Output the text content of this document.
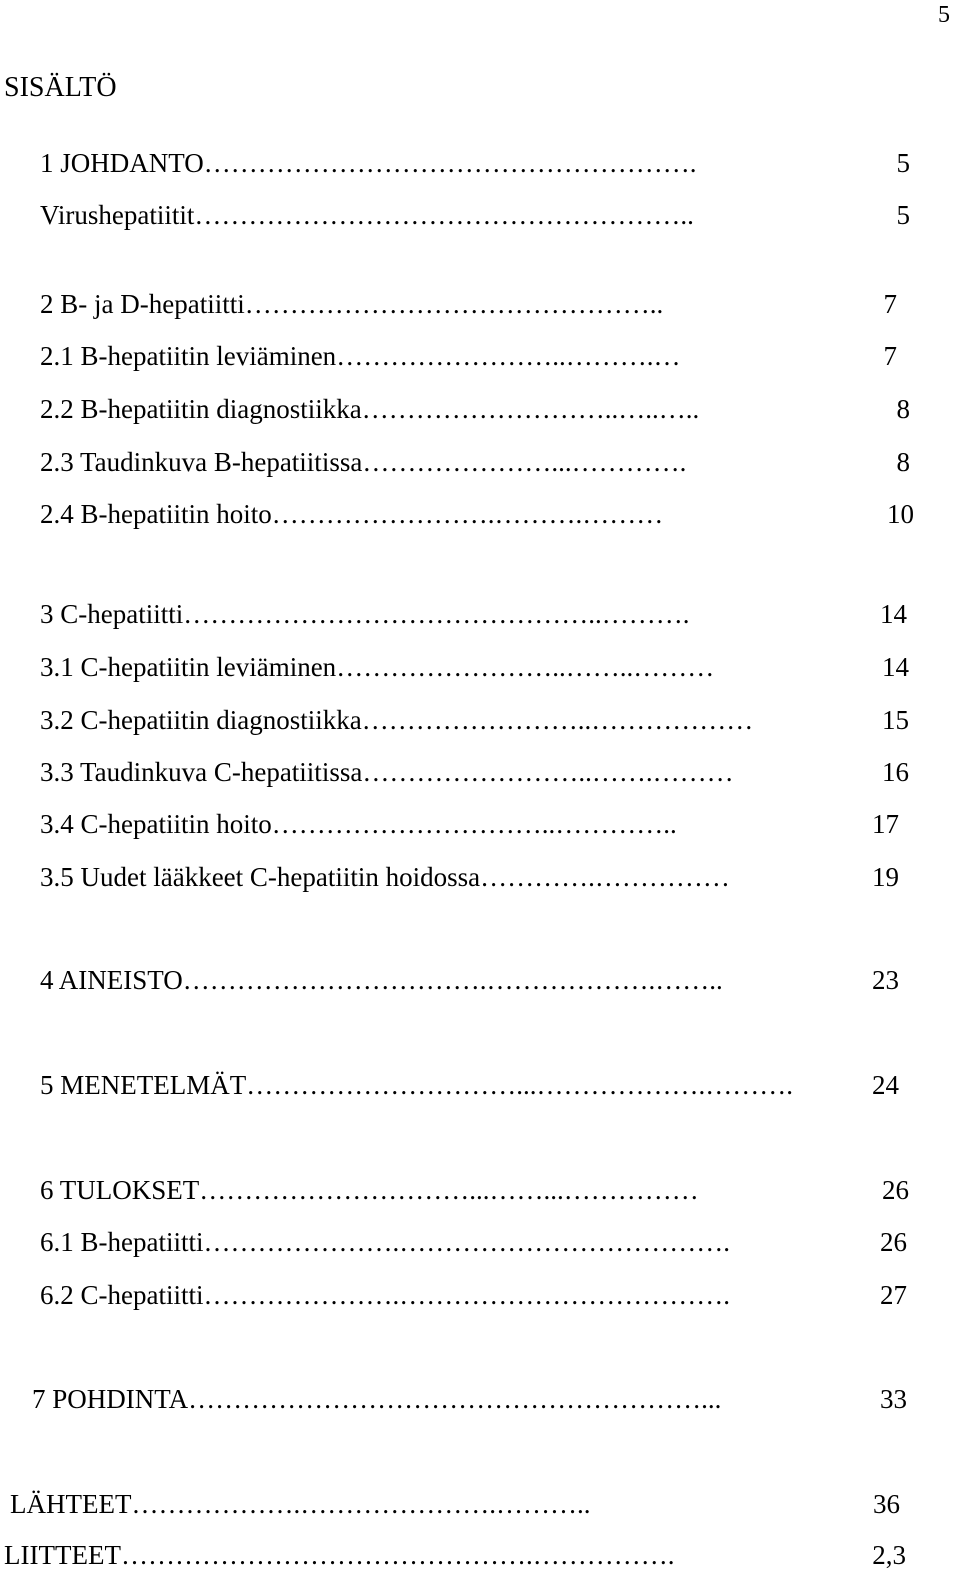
5
SISÄLTÖ
1 JOHDANTO……………………………………………….	5
Virushepatiitit………………………………………………..	5
2 B- ja D-hepatiitti………………………………………..	7
2.1 B-hepatiitin leviäminen……………………..……….…	7
2.2 B-hepatiitin diagnostiikka………………………..…..…..	8
2.3 Taudinkuva B-hepatiitissa…………………...………….	8
2.4 B-hepatiitin hoito…………………….……….………	10
3 C-hepatiitti………………………………………..……….	14
3.1 C-hepatiitin leviäminen……………………..……..………	14
3.2 C-hepatiitin diagnostiikka……………………..………………	15
3.3 Taudinkuva C-hepatiitissa……………………..…….………	16
3.4 C-hepatiitin hoito…………………………..…………..	17
3.5 Uudet lääkkeet C-hepatiitin hoidossa………….……………	19
4 AINEISTO…………………………….……………….……..	23
5 MENETELMÄT…………………………...……………….……….	24
6 TULOKSET…………………………...……...……………	26
6.1 B-hepatiitti………………….……………………………….	26
6.2 C-hepatiitti………………….……………………………….	27
7 POHDINTA…………………………………………………...	33
LÄHTEET……………….………………….………..	36
LIITTEET……………………………………….…………….	2,3
